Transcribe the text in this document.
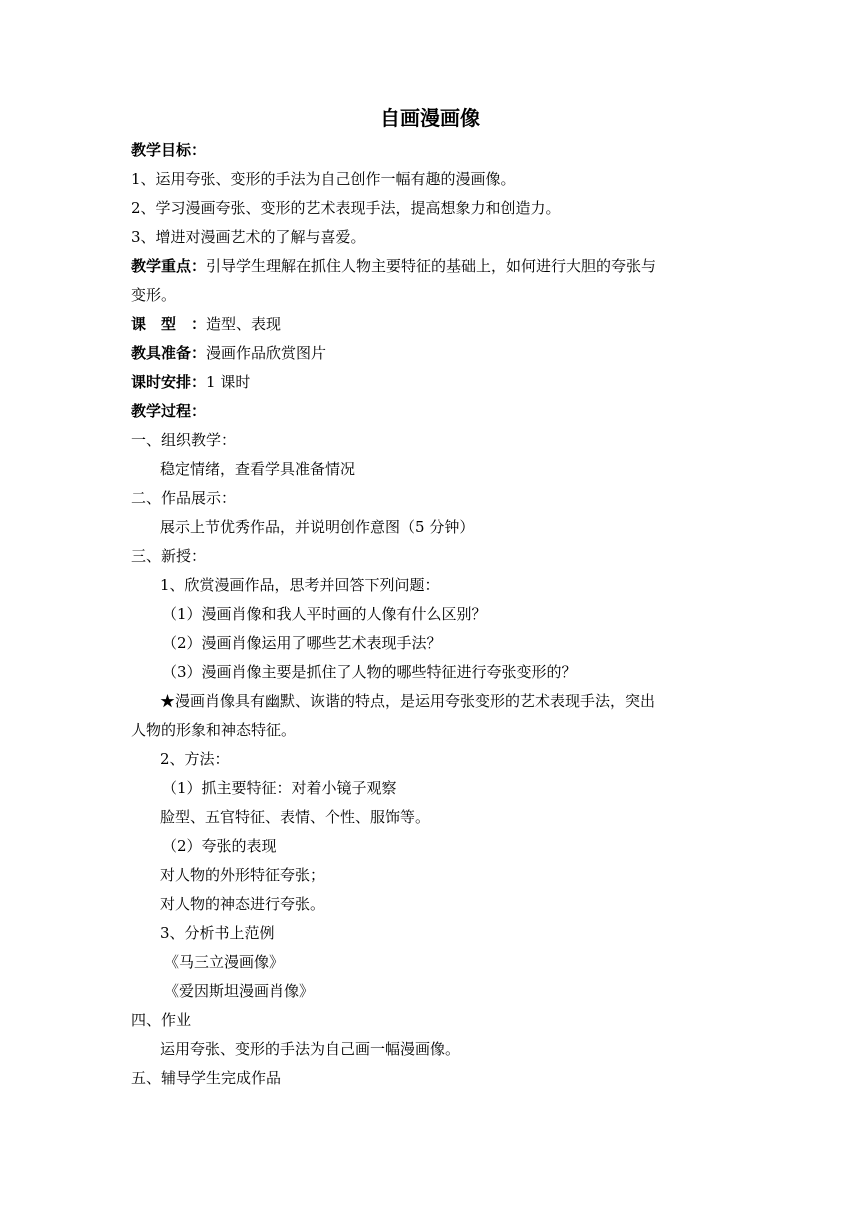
自画漫画像
教学目标：
1、运用夸张、变形的手法为自己创作一幅有趣的漫画像。
2、学习漫画夸张、变形的艺术表现手法，提高想象力和创造力。
3、增进对漫画艺术的了解与喜爱。
教学重点：引导学生理解在抓住人物主要特征的基础上，如何进行大胆的夸张与
变形。
课　型　：造型、表现
教具准备：漫画作品欣赏图片
课时安排：1 课时
教学过程：
一、组织教学：
稳定情绪，查看学具准备情况
二、作品展示：
展示上节优秀作品，并说明创作意图（5 分钟）
三、新授：
1、欣赏漫画作品，思考并回答下列问题：
（1）漫画肖像和我人平时画的人像有什么区别？
（2）漫画肖像运用了哪些艺术表现手法？
（3）漫画肖像主要是抓住了人物的哪些特征进行夸张变形的？
★漫画肖像具有幽默、诙谐的特点，是运用夸张变形的艺术表现手法，突出
人物的形象和神态特征。
2、方法：
（1）抓主要特征：对着小镜子观察
脸型、五官特征、表情、个性、服饰等。
（2）夸张的表现
对人物的外形特征夸张；
对人物的神态进行夸张。
3、分析书上范例
《马三立漫画像》
《爱因斯坦漫画肖像》
四、作业
运用夸张、变形的手法为自己画一幅漫画像。
五、辅导学生完成作品
